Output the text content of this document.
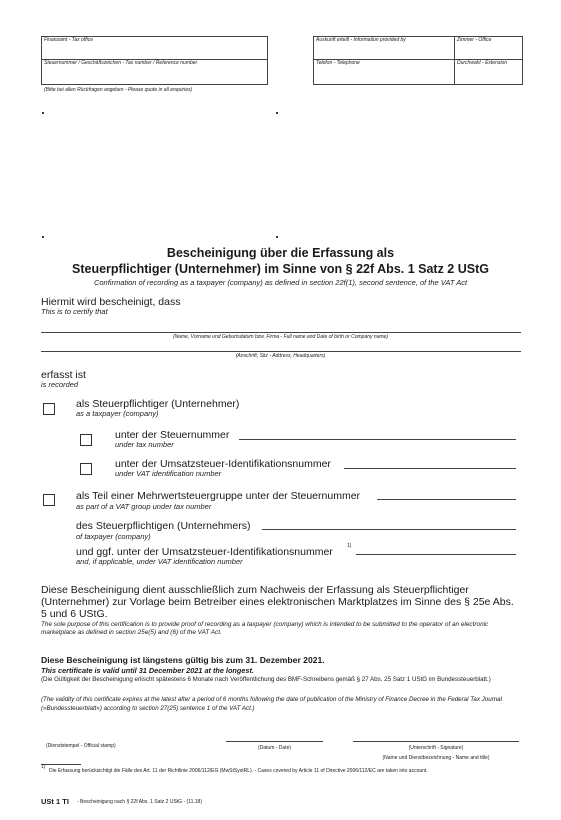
Finanzamt - Tax office
Steuernummer / Geschäftszeichen - Tax number / Reference number
(Bitte bei allen Rückfragen angeben - Please quote in all enquiries)
Auskunft erteilt - Information provided by	Zimmer - Office
Telefon - Telephone	Durchwahl - Extension
Bescheinigung über die Erfassung als
Steuerpflichtiger (Unternehmer) im Sinne von § 22f Abs. 1 Satz 2 UStG
Confirmation of recording as a taxpayer (company) as defined in section 22f(1), second sentence, of the VAT Act
Hiermit wird bescheinigt, dass
This is to certify that
(Name, Vorname und Geburtsdatum bzw. Firma - Full name and Date of birth or Company name)
(Anschrift, Sitz - Address, Headquarters)
erfasst ist
is recorded
als Steuerpflichtiger (Unternehmer)
as a taxpayer (company)
unter der Steuernummer
under tax number
unter der Umsatzsteuer-Identifikationsnummer
under VAT identification number
als Teil einer Mehrwertsteuergruppe unter der Steuernummer
as part of a VAT group under tax number
des Steuerpflichtigen (Unternehmers)
of taxpayer (company)
und ggf. unter der Umsatzsteuer-Identifikationsnummer	1)
and, if applicable, under VAT identification number
Diese Bescheinigung dient ausschließlich zum Nachweis der Erfassung als Steuerpflichtiger (Unternehmer) zur Vorlage beim Betreiber eines elektronischen Marktplatzes im Sinne des § 25e Abs. 5 und 6 UStG.
The sole purpose of this certification is to provide proof of recording as a taxpayer (company) which is intended to be submitted to the operator of an electronic marketplace as defined in section 25e(5) and (6) of the VAT Act.
Diese Bescheinigung ist längstens gültig bis zum 31. Dezember 2021.
This certificate is valid until 31 December 2021 at the longest.
(Die Gültigkeit der Bescheinigung erlischt spätestens 6 Monate nach Veröffentlichung des BMF-Schreibens gemäß § 27 Abs. 25 Satz 1 UStG im Bundessteuerblatt.)
(The validity of this certificate expires at the latest after a period of 6 months following the date of publication of the Ministry of Finance Decree in the Federal Tax Journal (»Bundessteuerblatt«) according to section 27(25) sentence 1 of the VAT Act.)
(Dienststempel - Official stamp)	(Datum - Date)	(Unterschrift - Signature)
(Name und Dienstbezeichnung - Name and title)
1)
Die Erfassung berücksichtigt die Fälle des Art. 11 der Richtlinie 2006/112/EG (MwStSystRL). - Cases covered by Article 11 of Directive 2006/112/EC are taken into account.
USt 1 TI - Bescheinigung nach § 22f Abs. 1 Satz 2 UStG - (11.18)
